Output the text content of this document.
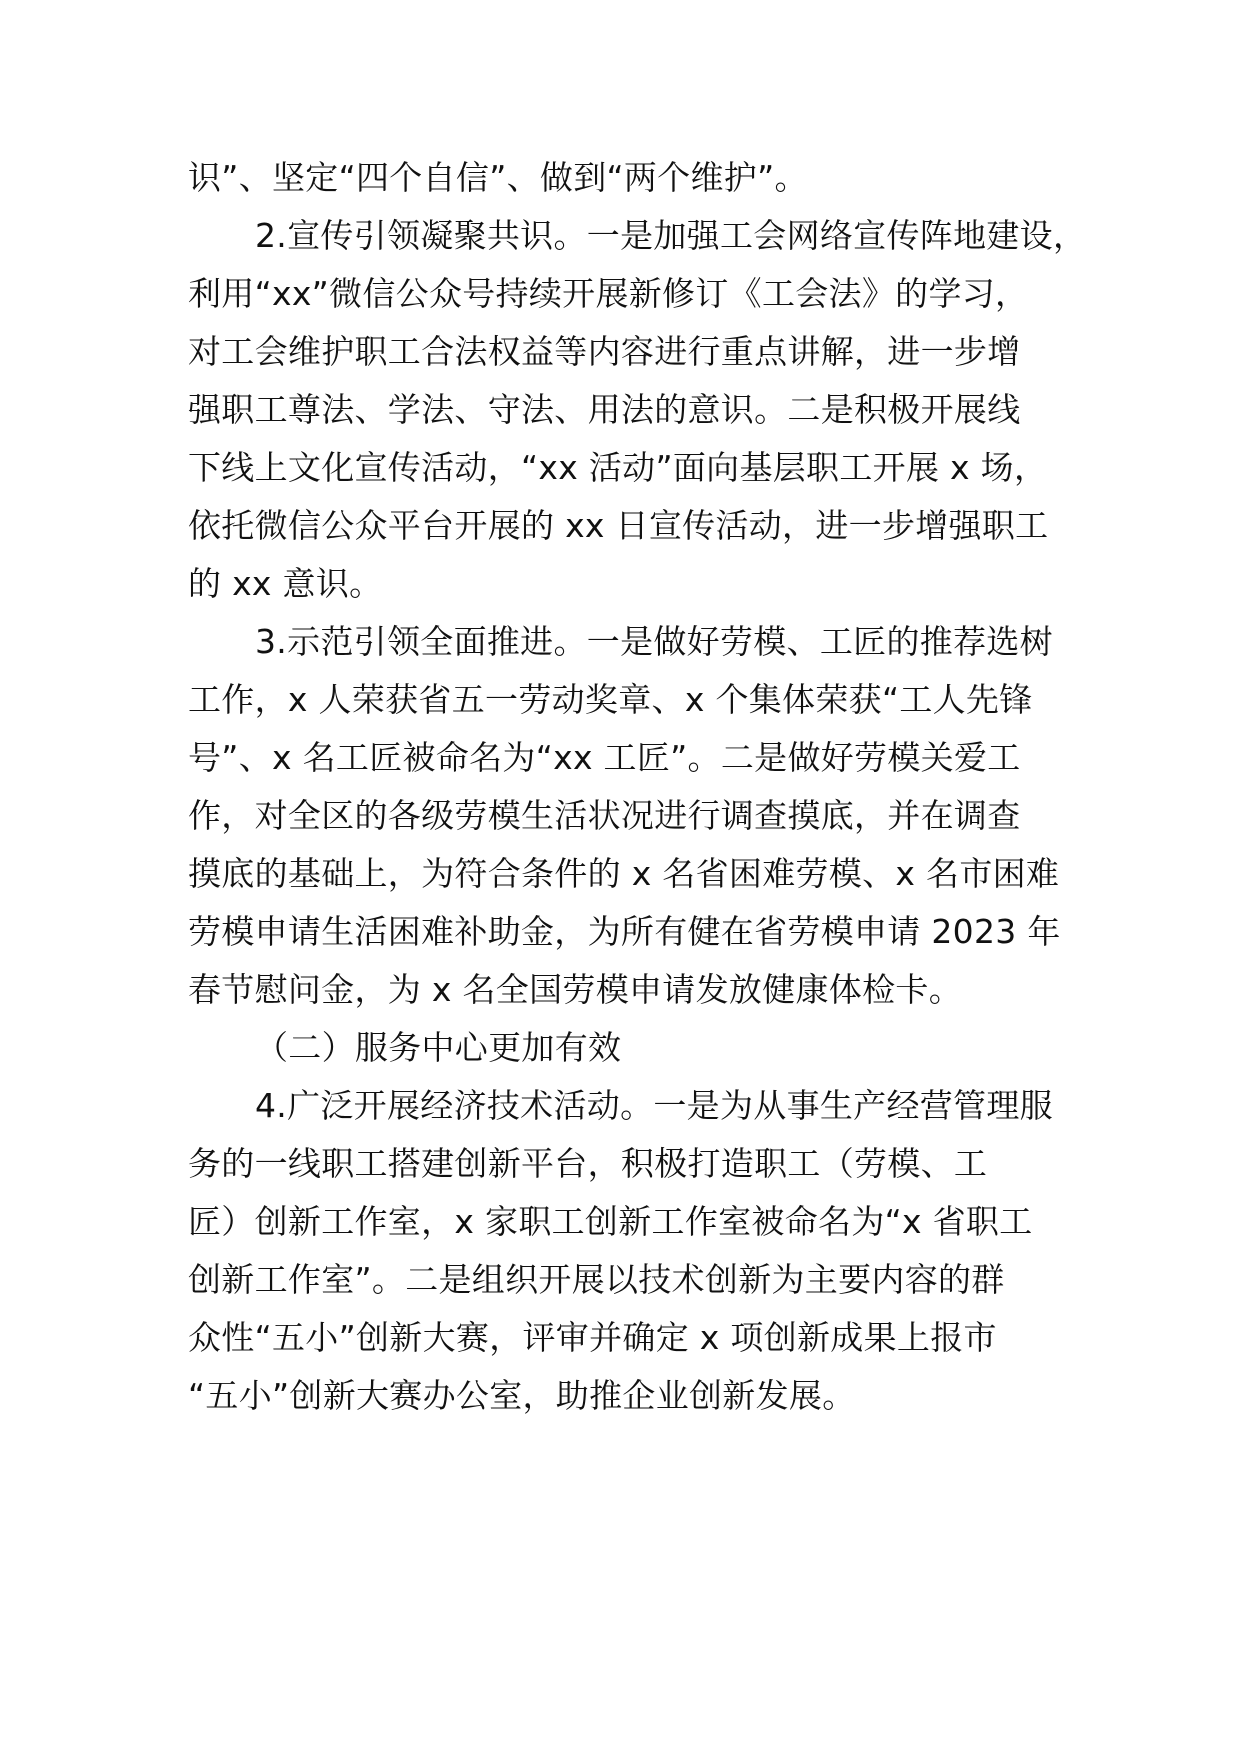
识”、坚定“四个自信”、做到“两个维护”。
2.宣传引领凝聚共识。一是加强工会网络宣传阵地建设，
利用“xx”微信公众号持续开展新修订《工会法》的学习，
对工会维护职工合法权益等内容进行重点讲解，进一步增
强职工尊法、学法、守法、用法的意识。二是积极开展线
下线上文化宣传活动，“xx 活动”面向基层职工开展 x 场，
依托微信公众平台开展的 xx 日宣传活动，进一步增强职工
的 xx 意识。
3.示范引领全面推进。一是做好劳模、工匠的推荐选树
工作，x 人荣获省五一劳动奖章、x 个集体荣获“工人先锋
号”、x 名工匠被命名为“xx 工匠”。二是做好劳模关爱工
作，对全区的各级劳模生活状况进行调查摸底，并在调查
摸底的基础上，为符合条件的 x 名省困难劳模、x 名市困难
劳模申请生活困难补助金，为所有健在省劳模申请 2023 年
春节慰问金，为 x 名全国劳模申请发放健康体检卡。
（二）服务中心更加有效
4.广泛开展经济技术活动。一是为从事生产经营管理服
务的一线职工搭建创新平台，积极打造职工（劳模、工
匠）创新工作室，x 家职工创新工作室被命名为“x 省职工
创新工作室”。二是组织开展以技术创新为主要内容的群
众性“五小”创新大赛，评审并确定 x 项创新成果上报市
“五小”创新大赛办公室，助推企业创新发展。
